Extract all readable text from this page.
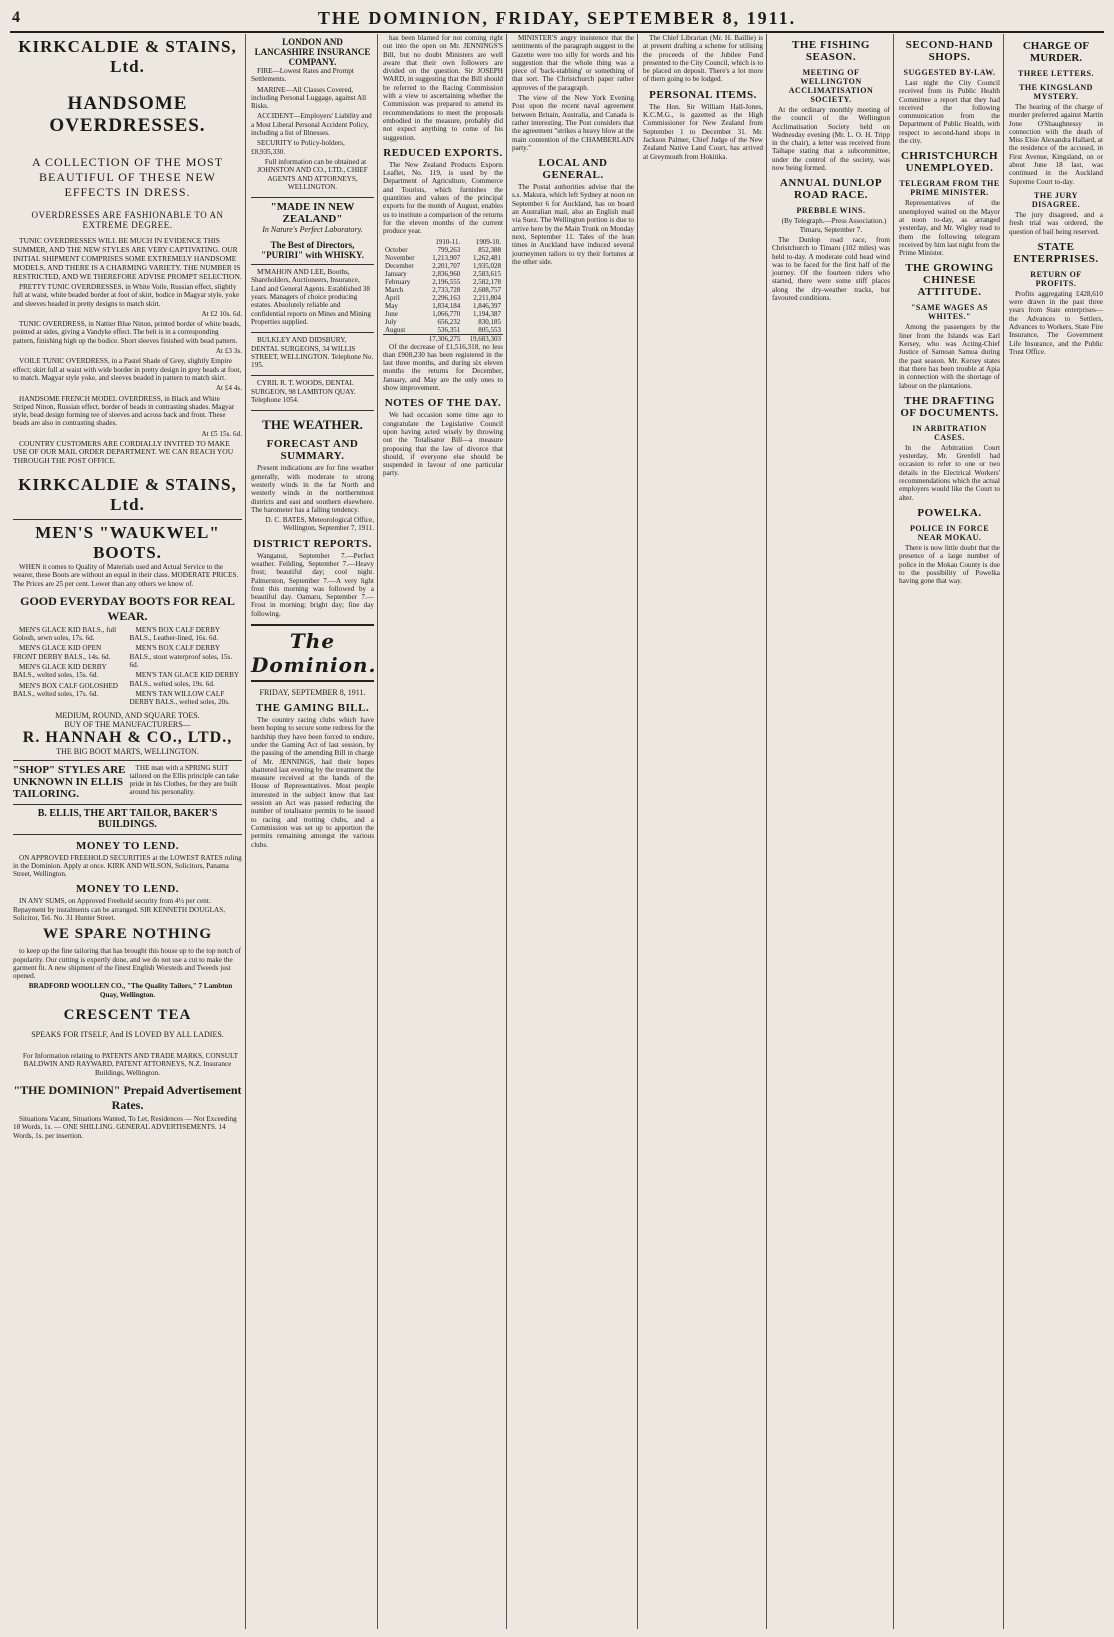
4	THE DOMINION, FRIDAY, SEPTEMBER 8, 1911.
KIRKCALDIE & STAINS, Ltd.
HANDSOME OVERDRESSES.
A COLLECTION OF THE MOST BEAUTIFUL OF THESE NEW EFFECTS IN DRESS.
OVERDRESSES ARE FASHIONABLE TO AN EXTREME DEGREE.
TUNIC OVERDRESSES WILL BE MUCH IN EVIDENCE THIS SUMMER, AND THE NEW STYLES ARE VERY CAPTIVATING. OUR INITIAL SHIPMENT COMPRISES SOME EXTREMELY HANDSOME MODELS, AND THERE IS A CHARMING VARIETY. THE NUMBER IS RESTRICTED, AND WE THEREFORE ADVISE PROMPT SELECTION.
PRETTY TUNIC OVERDRESSES, in White Voile, Russian effect, slightly full at waist, white beaded border at foot of skirt, bodice in Magyar style, yoke and sleeves beaded in pretty designs to match skirt.
At £2 10s. 6d.
TUNIC OVERDRESS, in Nattier Blue Ninon, printed border of white beads, pointed at sides, giving a Vandyke effect. The belt is in a corresponding pattern, finishing high up the bodice. Short sleeves finished with bead pattern.
At £3 3s.
VOILE TUNIC OVERDRESS, in a Pastel Shade of Grey, slightly Empire effect; skirt full at waist with wide border in pretty design in grey beads at foot, to match. Magyar style yoke, and sleeves beaded in pattern to match skirt.
At £4 4s.
HANDSOME FRENCH MODEL OVERDRESS, in Black and White Striped Ninon, Russian effect, border of beads in contrasting shades. Magyar style, bead design forming tee of sleeves and across back and front. These beads are also in contrasting shades.
At £5 15s. 6d.
COUNTRY CUSTOMERS ARE CORDIALLY INVITED TO MAKE USE OF OUR MAIL ORDER DEPARTMENT. WE CAN REACH YOU THROUGH THE POST OFFICE.
KIRKCALDIE & STAINS, Ltd.
MEN'S "WAUKWEL" BOOTS.
WHEN it comes to Quality of Materials used and Actual Service to the wearer, these Boots are without an equal in their class. MODERATE PRICES. The Prices are 25 per cent. Lower than any others we know of.
GOOD EVERYDAY BOOTS FOR REAL WEAR.
MEN'S GLACE KID BALS., full Golosh, sewn soles, 17s. 6d.
MEN'S GLACE KID OPEN FRONT DERBY BALS., 14s. 6d.
MEN'S GLACE KID DERBY BALS., welted soles, 15s. 6d.
MEN'S BOX CALF GOLOSHED BALS., welted soles, 17s. 6d.
MEN'S BOX CALF DERBY BALS., Leather-lined, 16s. 6d.
MEN'S BOX CALF DERBY BALS., stout waterproof soles, 15s. 6d.
MEN'S TAN GLACE KID DERBY BALS., welted soles, 19s. 6d.
MEN'S TAN WILLOW CALF DERBY BALS., welted soles, 20s.
MEDIUM, ROUND, AND SQUARE TOES.
BUY OF THE MANUFACTURERS—
R. HANNAH & CO., LTD.,
THE BIG BOOT MARTS, WELLINGTON.
"SHOP" STYLES ARE UNKNOWN IN ELLIS TAILORING.
THE man with a SPRING SUIT tailored on the Ellis principle can take pride in his Clothes, for they are built around his personality.
B. ELLIS, THE ART TAILOR, BAKER'S BUILDINGS.
MONEY TO LEND.
ON APPROVED FREEHOLD SECURITIES at the LOWEST RATES ruling in the Dominion. Apply at once. KIRK AND WILSON, Solicitors, Panama Street, Wellington.
MONEY TO LEND.
IN ANY SUMS, on Approved Freehold security from 4½ per cent. Repayment by instalments can be arranged. SIR KENNETH DOUGLAS, Solicitor, Tel. No. 31 Hunter Street.
WE SPARE NOTHING
to keep up the fine tailoring that has brought this house up to the top notch of popularity. Our cutting is expertly done, and we do not use a cut to make the garment fit. A new shipment of the finest English Worsteds and Tweeds just opened.
BRADFORD WOOLLEN CO., "The Quality Tailors," 7 Lambton Quay, Wellington.
CRESCENT TEA
SPEAKS FOR ITSELF, And IS LOVED BY ALL LADIES.
For Information relating to PATENTS AND TRADE MARKS, CONSULT BALDWIN AND RAYWARD, PATENT ATTORNEYS, N.Z. Insurance Buildings, Wellington.
"THE DOMINION" Prepaid Advertisement Rates.
Situations Vacant, Situations Wanted, To Let, Residences — Not Exceeding 18 Words, 1s. — ONE SHILLING. GENERAL ADVERTISEMENTS. 14 Words, 1s. per insertion.
LONDON AND LANCASHIRE INSURANCE COMPANY.
FIRE—Lowest Rates and Prompt Settlements.
MARINE—All Classes Covered, including Personal Luggage, against All Risks.
ACCIDENT—Employers' Liability and a Most Liberal Personal Accident Policy, including a list of Illnesses.
SECURITY to Policy-holders, £8,935,330.
Full information can be obtained at JOHNSTON AND CO., LTD., CHIEF AGENTS AND ATTORNEYS, WELLINGTON.
"MADE IN NEW ZEALAND"
In Nature's Perfect Laboratory.
The Best of Directors, "PURIRI" with WHISKY.
M'MAHON AND LEE, Booths, Shareholders, Auctioneers, Insurance, Land and General Agents. Established 38 years. Managers of choice producing estates. Absolutely reliable and confidential reports on Mines and Mining Properties supplied.
BULKLEY AND DIDSBURY, DENTAL SURGEONS, 34 WILLIS STREET, WELLINGTON. Telephone No. 195.
CYRIL R. T. WOODS, DENTAL SURGEON, 98 LAMBTON QUAY. Telephone 1054.
THE WEATHER.
FORECAST AND SUMMARY.
Present indications are for fine weather generally, with moderate to strong westerly winds in the far North and westerly winds in the northernmost districts and east and southern elsewhere. The barometer has a falling tendency.
D. C. BATES, Meteorological Office, Wellington, September 7, 1911.
DISTRICT REPORTS.
Wanganui, September 7.—Perfect weather. Feilding, September 7.—Heavy frost; beautiful day; cool night. Palmerston, September 7.—A very light frost this morning was followed by a beautiful day. Oamaru, September 7.—Frost in morning; bright day; fine day following.
The Dominion.
FRIDAY, SEPTEMBER 8, 1911.
THE GAMING BILL.
The country racing clubs which have been hoping to secure some redress for the hardship they have been forced to endure, under the Gaming Act of last session, by the passing of the amending Bill in charge of Mr. JENNINGS, had their hopes shattered last evening by the treatment the measure received at the hands of the House of Representatives. Most people interested in the subject know that last session an Act was passed reducing the number of totalisator permits to be issued to racing and trotting clubs, and a Commission was set up to apportion the permits remaining amongst the various clubs.
has been blamed for not coming right out into the open on Mr. JENNINGS'S Bill, but no doubt Ministers are well aware that their own followers are divided on the question. Sir JOSEPH WARD, in suggesting that the Bill should be referred to the Racing Commission with a view to ascertaining whether the Commission was prepared to amend its recommendations to meet the proposals embodied in the measure, probably did not expect anything to come of his suggestion.
REDUCED EXPORTS.
The New Zealand Products Exports Leaflet, No. 119, is used by the Department of Agriculture, Commerce and Tourists, which furnishes the quantities and values of the principal exports for the month of August, enables us to institute a comparison of the returns for the eleven months of the current produce year.
	1910-11.	1909-10.
October	799,263	852,388
November	1,213,907	1,262,481
December	2,201,707	1,935,028
January	2,836,960	2,583,615
February	2,196,555	2,582,178
March	2,733,728	2,688,757
April	2,296,163	2,211,804
May	1,834,184	1,846,397
June	1,066,770	1,194,387
July	656,232	830,185
August	536,351	805,553
	17,306,275	19,683,303
Of the decrease of £1,516,318, no less than £908,230 has been registered in the last three months, and during six eleven months the returns for December, January, and May are the only ones to show improvement.
NOTES OF THE DAY.
We had occasion some time ago to congratulate the Legislative Council upon having acted wisely by throwing out the Totalisator Bill—a measure proposing that the law of divorce that should, if everyone else should be suspended in favour of one particular party.
MINISTER'S angry insistence that the sentiments of the paragraph suggest to the Gazette were too silly for words and his suggestion that the whole thing was a piece of 'back-stabbing' or something of that sort. The Christchurch paper rather approves of the paragraph.
The view of the New York Evening Post upon the recent naval agreement between Britain, Australia, and Canada is rather interesting. The Post considers that the agreement "strikes a heavy blow at the main contention of the CHAMBERLAIN party."
LOCAL AND GENERAL.
The Postal authorities advise that the s.s. Makura, which left Sydney at noon on September 6 for Auckland, has on board an Australian mail, also an English mail via Suez. The Wellington portion is due to arrive here by the Main Trunk on Monday next, September 11. Tales of the lean times in Auckland have induced several journeymen tailors to try their fortunes at the other side.
The Chief Librarian (Mr. H. Baillie) is at present drafting a scheme for utilising the proceeds of the Jubilee Fund presented to the City Council, which is to be placed on deposit. There's a lot more of them going to be lodged.
PERSONAL ITEMS.
The Hon. Sir William Hall-Jones, K.C.M.G., is gazetted as the High Commissioner for New Zealand from September 1 to December 31. Mr. Jackson Palmer, Chief Judge of the New Zealand Native Land Court, has arrived at Greymouth from Hokitika.
THE FISHING SEASON.
MEETING OF WELLINGTON ACCLIMATISATION SOCIETY.
At the ordinary monthly meeting of the council of the Wellington Acclimatisation Society held on Wednesday evening (Mr. L. O. H. Tripp in the chair), a letter was received from Taihape stating that a subcommittee, under the control of the society, was now being formed.
ANNUAL DUNLOP ROAD RACE.
PREBBLE WINS.
(By Telegraph.—Press Association.) Timaru, September 7.
The Dunlop road race, from Christchurch to Timaru (102 miles) was held to-day. A moderate cold head wind was to be faced for the first half of the journey. Of the fourteen riders who started, there were some stiff places along the dry-weather tracks, but favoured conditions.
SECOND-HAND SHOPS.
SUGGESTED BY-LAW.
Last night the City Council received from its Public Health Committee a report that they had received the following communication from the Department of Public Health, with respect to second-hand shops in the city.
CHRISTCHURCH UNEMPLOYED.
TELEGRAM FROM THE PRIME MINISTER.
Representatives of the unemployed waited on the Mayor at noon to-day, as arranged yesterday, and Mr. Wigley read to them the following telegram received by him last night from the Prime Minister.
THE GROWING CHINESE ATTITUDE.
"SAME WAGES AS WHITES."
Among the passengers by the liner from the Islands was Earl Kersey, who was Acting-Chief Justice of Samoan Samoa during the past season. Mr. Kersey states that there has been trouble at Apia in connection with the shortage of labour on the plantations.
THE DRAFTING OF DOCUMENTS.
IN ARBITRATION CASES.
In the Arbitration Court yesterday, Mr. Grenfell had occasion to refer to one or two details in the Electrical Workers' recommendations which the actual employers would like the Court to alter.
POWELKA.
POLICE IN FORCE NEAR MOKAU.
There is now little doubt that the presence of a large number of police in the Mokau County is due to the possibility of Powelka having gone that way.
CHARGE OF MURDER.
THREE LETTERS.
THE KINGSLAND MYSTERY.
The hearing of the charge of murder preferred against Martin Jone O'Shaughnessy in connection with the death of Miss Elsie Alexandra Hallard, at the residence of the accused, in First Avenue, Kingsland, on or about June 18 last, was continued in the Auckland Supreme Court to-day.
THE JURY DISAGREE.
The jury disagreed, and a fresh trial was ordered, the question of bail being reserved.
STATE ENTERPRISES.
RETURN OF PROFITS.
Profits aggregating £428,610 were drawn in the past three years from State enterprises—the Advances to Settlers, Advances to Workers, State Fire Insurance, The Government Life Insurance, and the Public Trust Office.
